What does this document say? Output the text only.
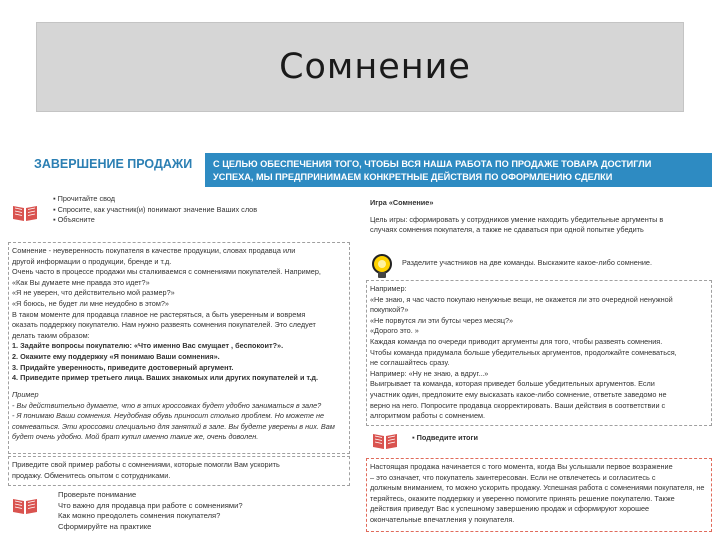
Сомнение
ЗАВЕРШЕНИЕ ПРОДАЖИ С ЦЕЛЬЮ ОБЕСПЕЧЕНИЯ ТОГО, ЧТОБЫ ВСЯ НАША РАБОТА ПО ПРОДАЖЕ ТОВАРА ДОСТИГЛИ
УСПЕХА, МЫ ПРЕДПРИНИМАЕМ КОНКРЕТНЫЕ ДЕЙСТВИЯ ПО ОФОРМЛЕНИЮ СДЕЛКИ
▪ Прочитайте свод
▪ Спросите, как участник(и) понимают значение Ваших слов
▪ Объясните
Сомнение - неуверенность покупателя в качестве продукции, словах продавца или
другой информации о продукции, бренде и т.д.
Очень часто в процессе продажи мы сталкиваемся с сомнениями покупателей. Например,
«Как Вы думаете мне правда это идет?»
«Я не уверен, что действительно мой размер?»
«Я боюсь, не будет ли мне неудобно в этом?»
В таком моменте для продавца главное не растеряться, а быть уверенным и вовремя
оказать поддержку покупателю. Нам нужно развеять сомнения покупателей. Это следует
делать таким образом:
1. Задайте вопросы покупателю: «Что именно Вас смущает , беспокоит?».
2. Окажите ему поддержку «Я понимаю Ваши сомнения».
3. Придайте уверенность, приведите достоверный аргумент.
4. Приведите пример третьего лица. Ваших знакомых или других покупателей и т.д.
Пример
- Вы действительно думаете, что в этих кроссовках будет удобно заниматься в зале?
- Я понимаю Ваши сомнения. Неудобная обувь приносит столько проблем. Но можете не
сомневаться. Эти кроссовки специально для занятий в зале. Вы будете уверены в них. Вам
будет очень удобно. Мой брат купил именно такие же, очень доволен.
Приведите свой пример работы с сомнениями, которые помогли Вам ускорить
продажу. Обменитесь опытом с сотрудниками.
Проверьте понимание
Что важно для продавца при работе с сомнениями?
Как можно преодолеть сомнения покупателя?
Сформируйте на практике
Игра «Сомнение»
Цель игры: сформировать у сотрудников умение находить убедительные аргументы в
случаях сомнения покупателя, а также не сдаваться при одной попытке убедить
Разделите участников на две команды. Выскажите какое-либо сомнение.
Например:
«Не знаю, я час часто покупаю ненужные вещи, не окажется ли это очередной ненужной
покупкой?»
«Не порвутся ли эти бутсы через месяц?»
«Дорого это. »
Каждая команда по очереди приводит аргументы для того, чтобы развеять сомнения.
Чтобы команда придумала больше убедительных аргументов, продолжайте сомневаться,
не соглашайтесь сразу.
Например: «Ну не знаю, а вдруг...»
Выигрывает та команда, которая приведет больше убедительных аргументов. Если
участник один, предложите ему высказать какое-либо сомнение, ответьте заведомо не
верно на него. Попросите продавца скорректировать. Ваши действия в соответствии с
алгоритмом работы с сомнением.
▪ Подведите итоги
Настоящая продажа начинается с того момента, когда Вы услышали первое возражение
– это означает, что покупатель заинтересован. Если не отвлечетесь и согласитесь с
должным вниманием, то можно ускорить продажу. Успешная работа с сомнениями покупателя, не
теряйтесь, окажите поддержку и уверенно помогите принять решение покупателю. Также
действия приведут Вас к успешному завершению продаж и сформируют хорошее
окончательные впечатления у покупателя.
